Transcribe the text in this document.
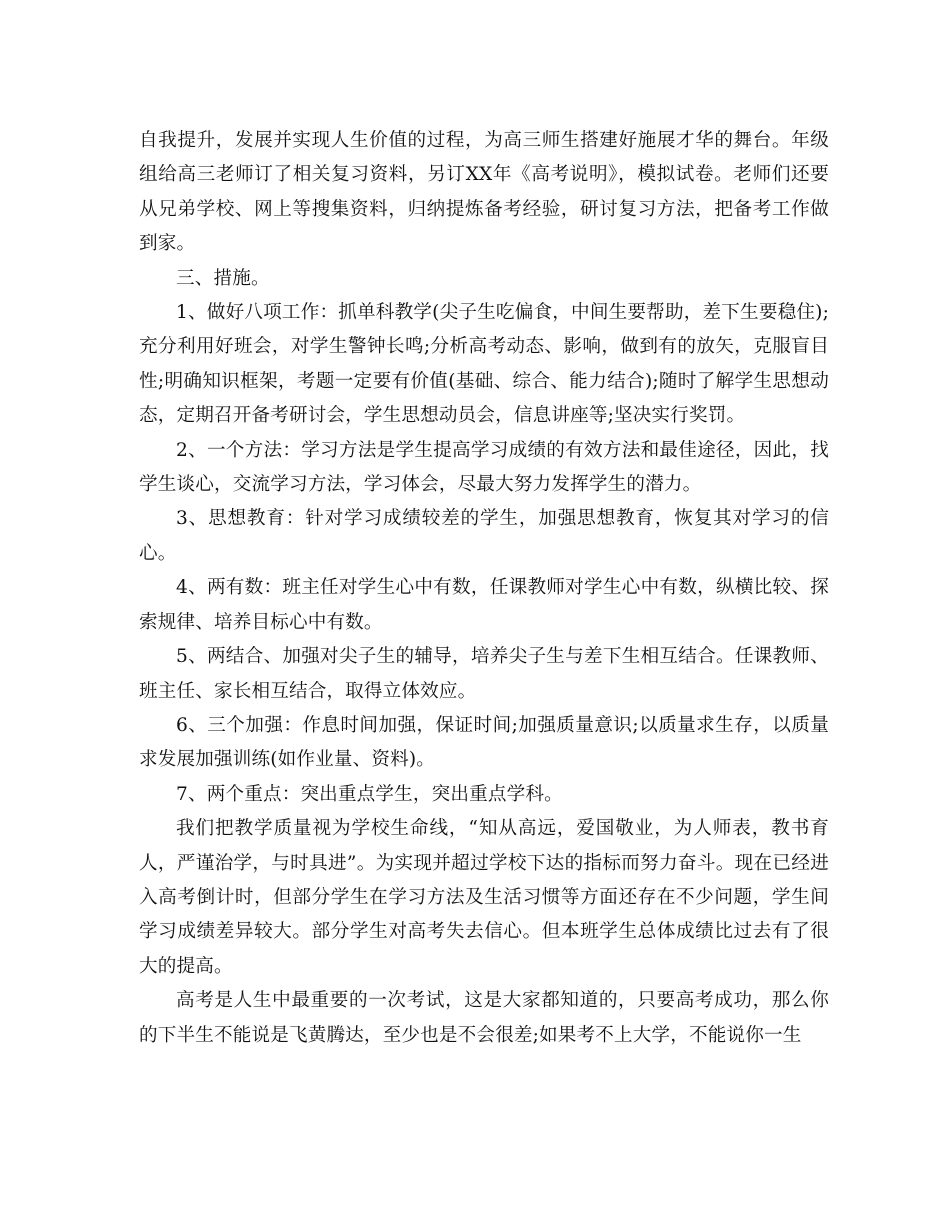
自我提升，发展并实现人生价值的过程，为高三师生搭建好施展才华的舞台。年级组给高三老师订了相关复习资料，另订XX年《高考说明》，模拟试卷。老师们还要从兄弟学校、网上等搜集资料，归纳提炼备考经验，研讨复习方法，把备考工作做到家。

三、措施。

1、做好八项工作：抓单科教学(尖子生吃偏食，中间生要帮助，差下生要稳住);充分利用好班会，对学生警钟长鸣;分析高考动态、影响，做到有的放矢，克服盲目性;明确知识框架，考题一定要有价值(基础、综合、能力结合);随时了解学生思想动态，定期召开备考研讨会，学生思想动员会，信息讲座等;坚决实行奖罚。

2、一个方法：学习方法是学生提高学习成绩的有效方法和最佳途径，因此，找学生谈心，交流学习方法，学习体会，尽最大努力发挥学生的潜力。

3、思想教育：针对学习成绩较差的学生，加强思想教育，恢复其对学习的信心。

4、两有数：班主任对学生心中有数，任课教师对学生心中有数，纵横比较、探索规律、培养目标心中有数。

5、两结合、加强对尖子生的辅导，培养尖子生与差下生相互结合。任课教师、班主任、家长相互结合，取得立体效应。

6、三个加强：作息时间加强，保证时间;加强质量意识;以质量求生存，以质量求发展加强训练(如作业量、资料)。

7、两个重点：突出重点学生，突出重点学科。

我们把教学质量视为学校生命线，“知从高远，爱国敬业，为人师表，教书育人，严谨治学，与时具进”。为实现并超过学校下达的指标而努力奋斗。现在已经进入高考倒计时，但部分学生在学习方法及生活习惯等方面还存在不少问题，学生间学习成绩差异较大。部分学生对高考失去信心。但本班学生总体成绩比过去有了很大的提高。

高考是人生中最重要的一次考试，这是大家都知道的，只要高考成功，那么你的下半生不能说是飞黄腾达，至少也是不会很差;如果考不上大学，不能说你一生
